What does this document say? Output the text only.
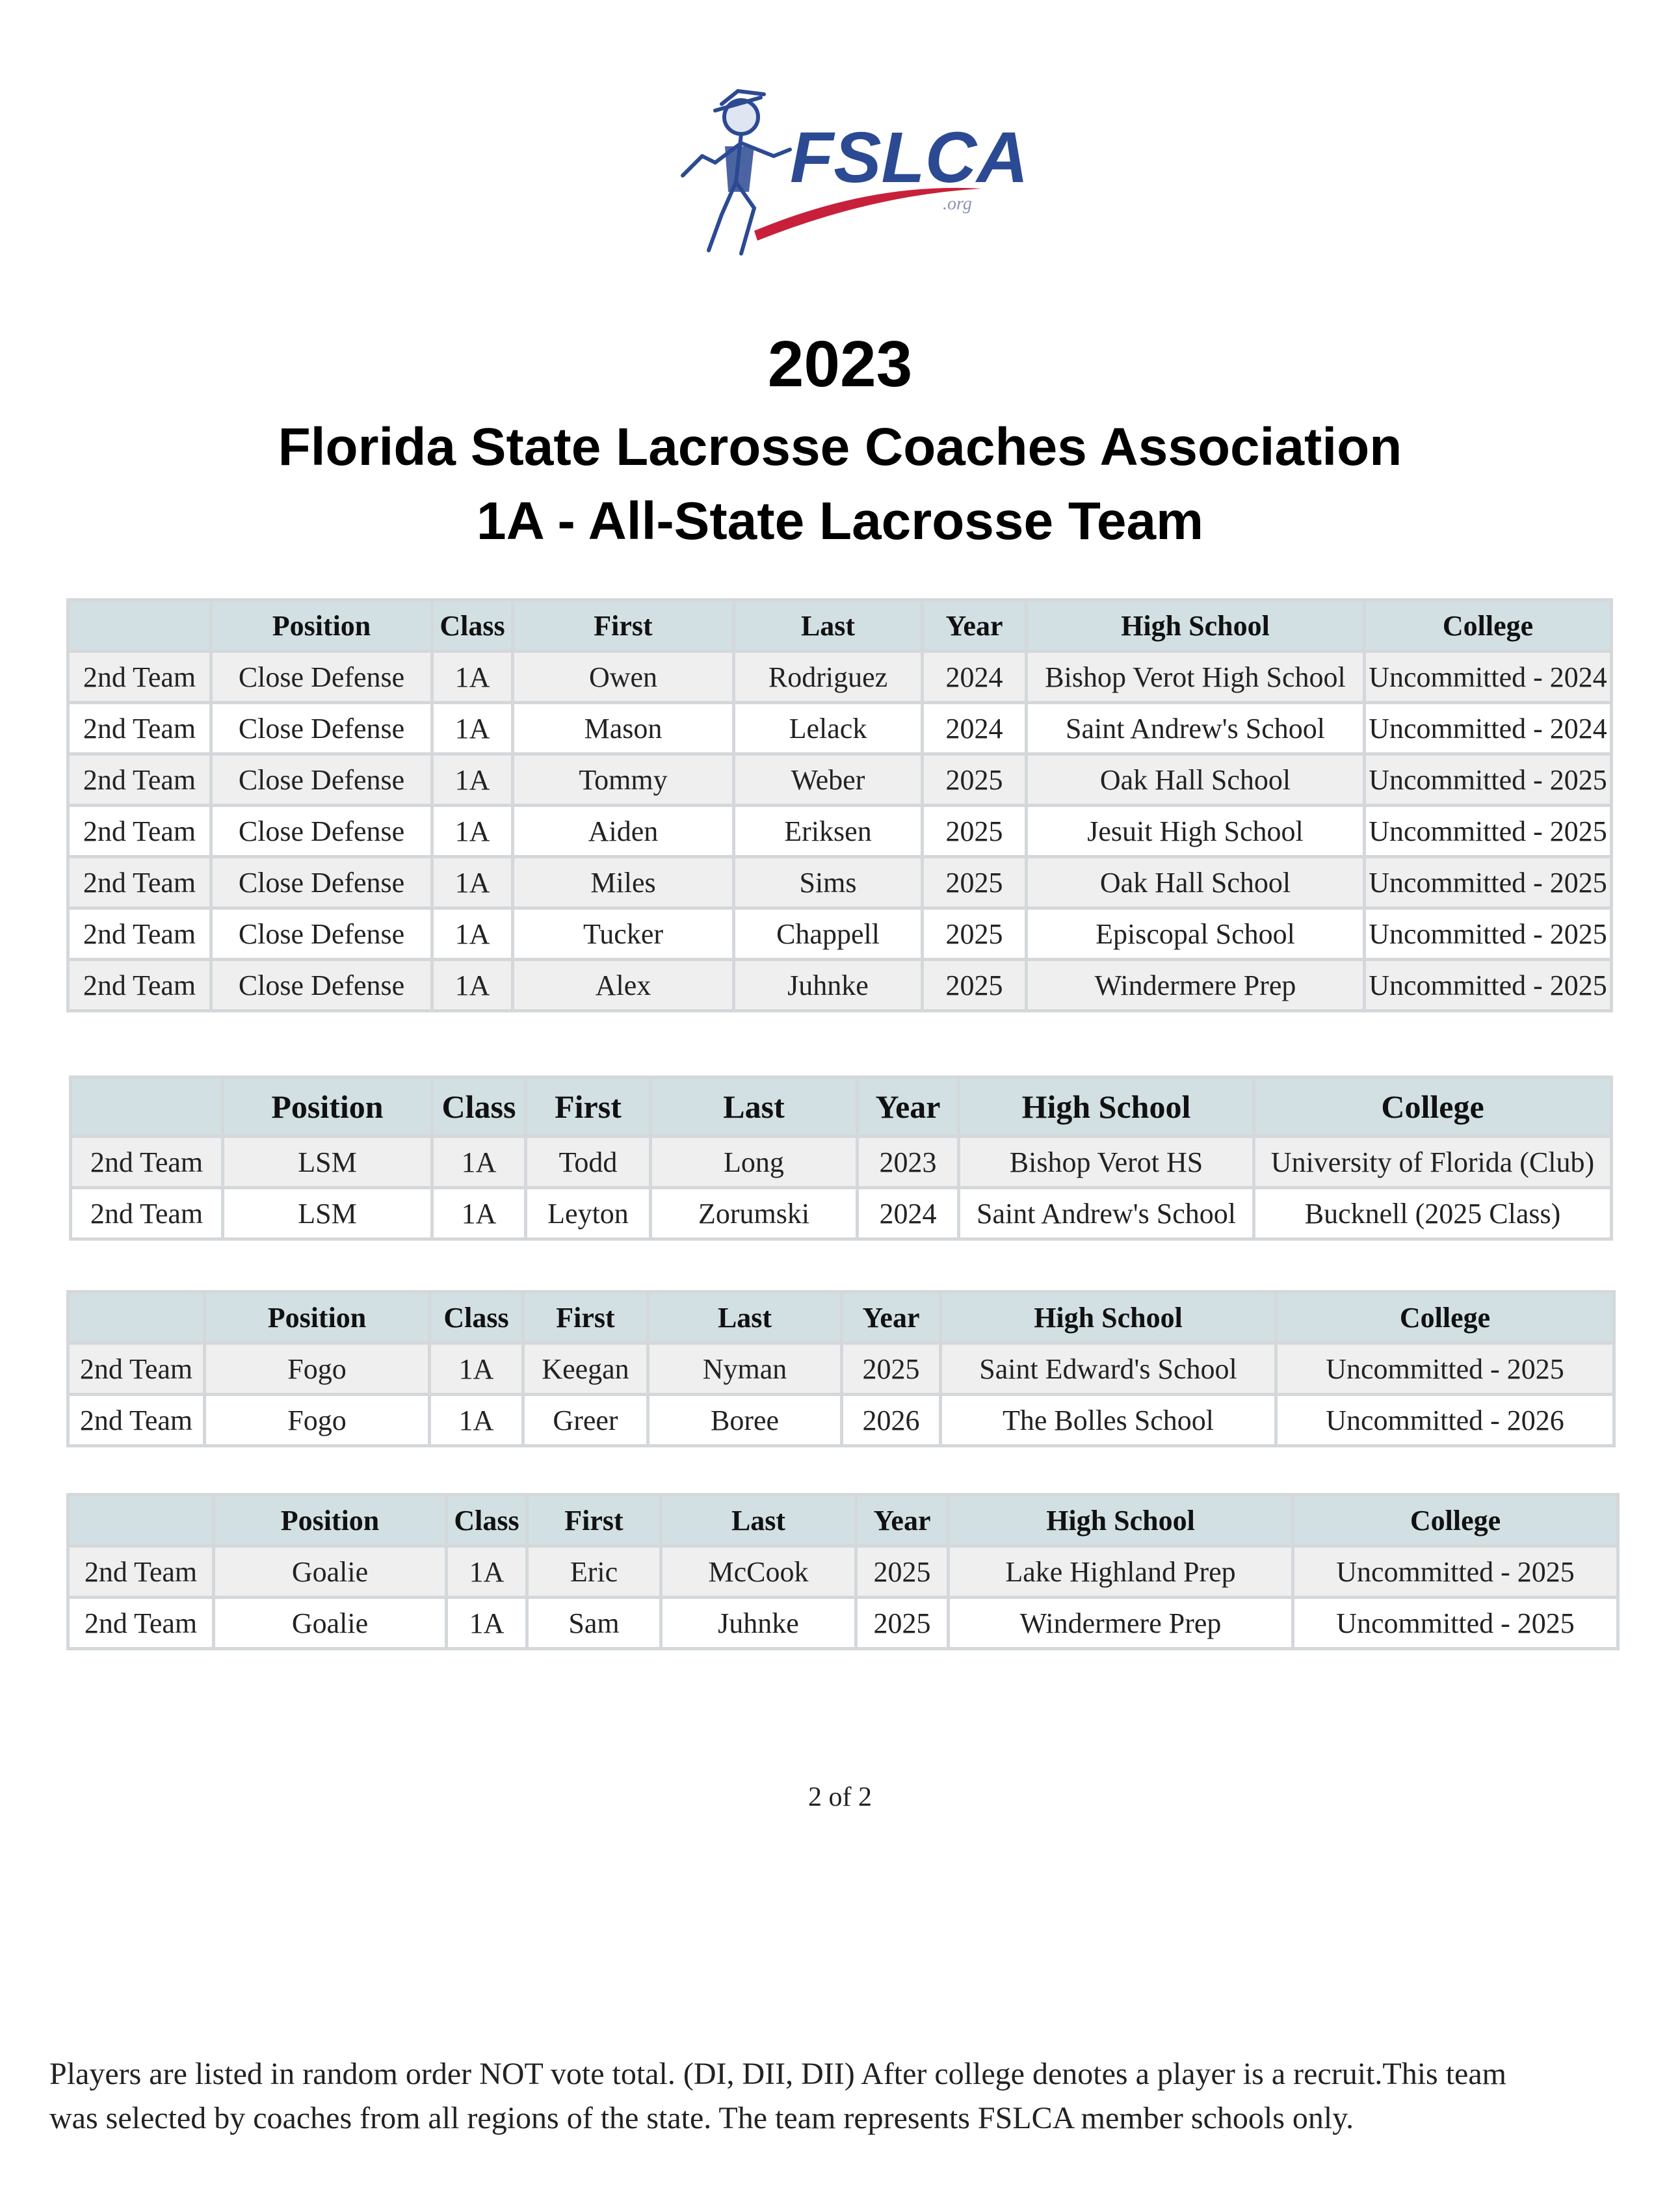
FSLCA
.org
2023
Florida State Lacrosse Coaches Association
1A - All-State Lacrosse Team
	Position	Class	First	Last	Year	High School	College
2nd Team	Close Defense	1A	Owen	Rodriguez	2024	Bishop Verot High School	Uncommitted - 2024
2nd Team	Close Defense	1A	Mason	Lelack	2024	Saint Andrew's School	Uncommitted - 2024
2nd Team	Close Defense	1A	Tommy	Weber	2025	Oak Hall School	Uncommitted - 2025
2nd Team	Close Defense	1A	Aiden	Eriksen	2025	Jesuit High School	Uncommitted - 2025
2nd Team	Close Defense	1A	Miles	Sims	2025	Oak Hall School	Uncommitted - 2025
2nd Team	Close Defense	1A	Tucker	Chappell	2025	Episcopal School	Uncommitted - 2025
2nd Team	Close Defense	1A	Alex	Juhnke	2025	Windermere Prep	Uncommitted - 2025
	Position	Class	First	Last	Year	High School	College
2nd Team	LSM	1A	Todd	Long	2023	Bishop Verot HS	University of Florida (Club)
2nd Team	LSM	1A	Leyton	Zorumski	2024	Saint Andrew's School	Bucknell (2025 Class)
	Position	Class	First	Last	Year	High School	College
2nd Team	Fogo	1A	Keegan	Nyman	2025	Saint Edward's School	Uncommitted - 2025
2nd Team	Fogo	1A	Greer	Boree	2026	The Bolles School	Uncommitted - 2026
	Position	Class	First	Last	Year	High School	College
2nd Team	Goalie	1A	Eric	McCook	2025	Lake Highland Prep	Uncommitted - 2025
2nd Team	Goalie	1A	Sam	Juhnke	2025	Windermere Prep	Uncommitted - 2025
2 of 2

Players are listed in random order NOT vote total. (DI, DII, DII) After college denotes a player is a recruit.This team was selected by coaches from all regions of the state. The team represents FSLCA member schools only.
